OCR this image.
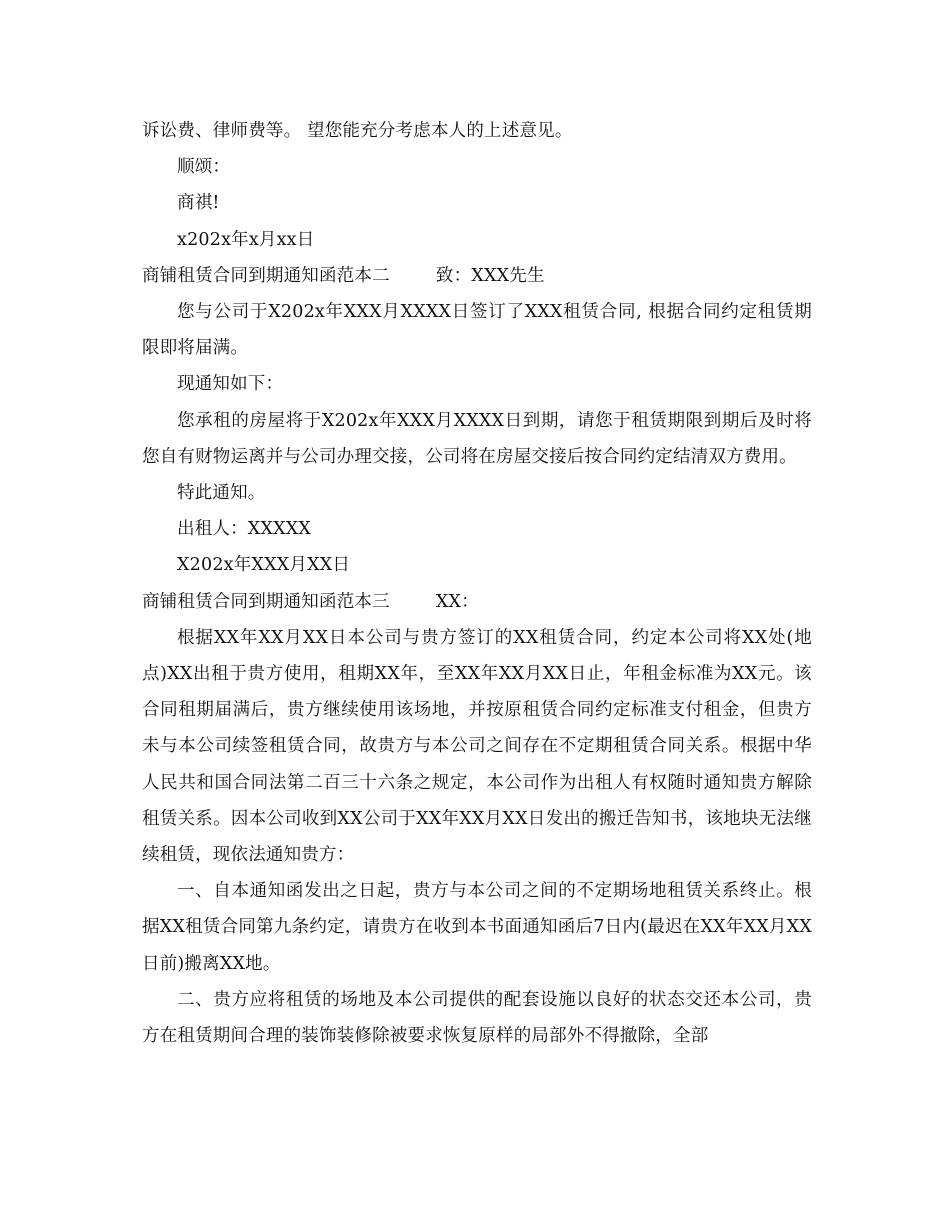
诉讼费、律师费等。 望您能充分考虑本人的上述意见。

顺颂：

商祺!

x202x年x月xx日

商铺租赁合同到期通知函范本二        致：XXX先生

您与公司于X202x年XXX月XXXX日签订了XXX租赁合同, 根据合同约定租赁期限即将届满。

现通知如下：

您承租的房屋将于X202x年XXX月XXXX日到期，请您于租赁期限到期后及时将您自有财物运离并与公司办理交接，公司将在房屋交接后按合同约定结清双方费用。

特此通知。

出租人：XXXXX

X202x年XXX月XX日

商铺租赁合同到期通知函范本三        XX：

根据XX年XX月XX日本公司与贵方签订的XX租赁合同，约定本公司将XX处(地点)XX出租于贵方使用，租期XX年，至XX年XX月XX日止，年租金标准为XX元。该合同租期届满后，贵方继续使用该场地，并按原租赁合同约定标准支付租金，但贵方未与本公司续签租赁合同，故贵方与本公司之间存在不定期租赁合同关系。根据中华人民共和国合同法第二百三十六条之规定，本公司作为出租人有权随时通知贵方解除租赁关系。因本公司收到XX公司于XX年XX月XX日发出的搬迁告知书，该地块无法继续租赁，现依法通知贵方：

一、自本通知函发出之日起，贵方与本公司之间的不定期场地租赁关系终止。根据XX租赁合同第九条约定，请贵方在收到本书面通知函后7日内(最迟在XX年XX月XX日前)搬离XX地。

二、贵方应将租赁的场地及本公司提供的配套设施以良好的状态交还本公司，贵方在租赁期间合理的装饰装修除被要求恢复原样的局部外不得撤除，全部
